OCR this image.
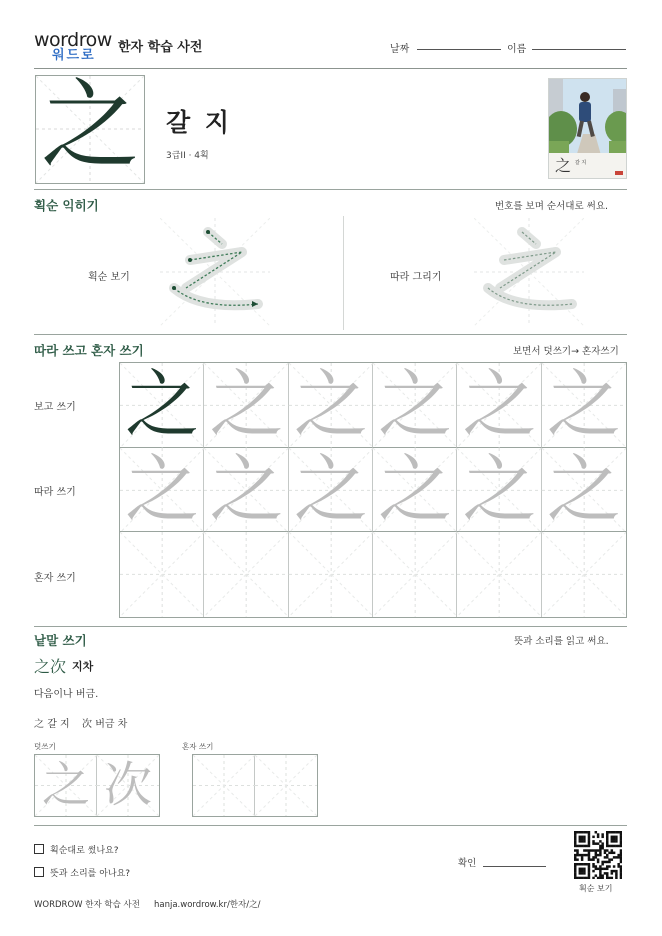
wordrow
워드로
한자 학습 사전	날짜	이름
之 갈 지
3급II · 4획	之 갈 지
획순 익히기	번호를 보며 순서대로 써요.
획순 보기	따라 그리기
따라 쓰고 혼자 쓰기	보면서 덧쓰기→ 혼자쓰기
보고 쓰기
따라 쓰기
혼자 쓰기
之 之 之 之 之 之
之 之 之 之 之 之
낱말 쓰기	뜻과 소리를 읽고 써요.
之次 지차
다음이나 버금.
之 갈 지 次 버금 차
덧쓰기	혼자 쓰기
之 次
획순대로 썼나요?
뜻과 소리를 아나요?
확인
획순 보기
WORDROW 한자 학습 사전 hanja.wordrow.kr/한자/之/
